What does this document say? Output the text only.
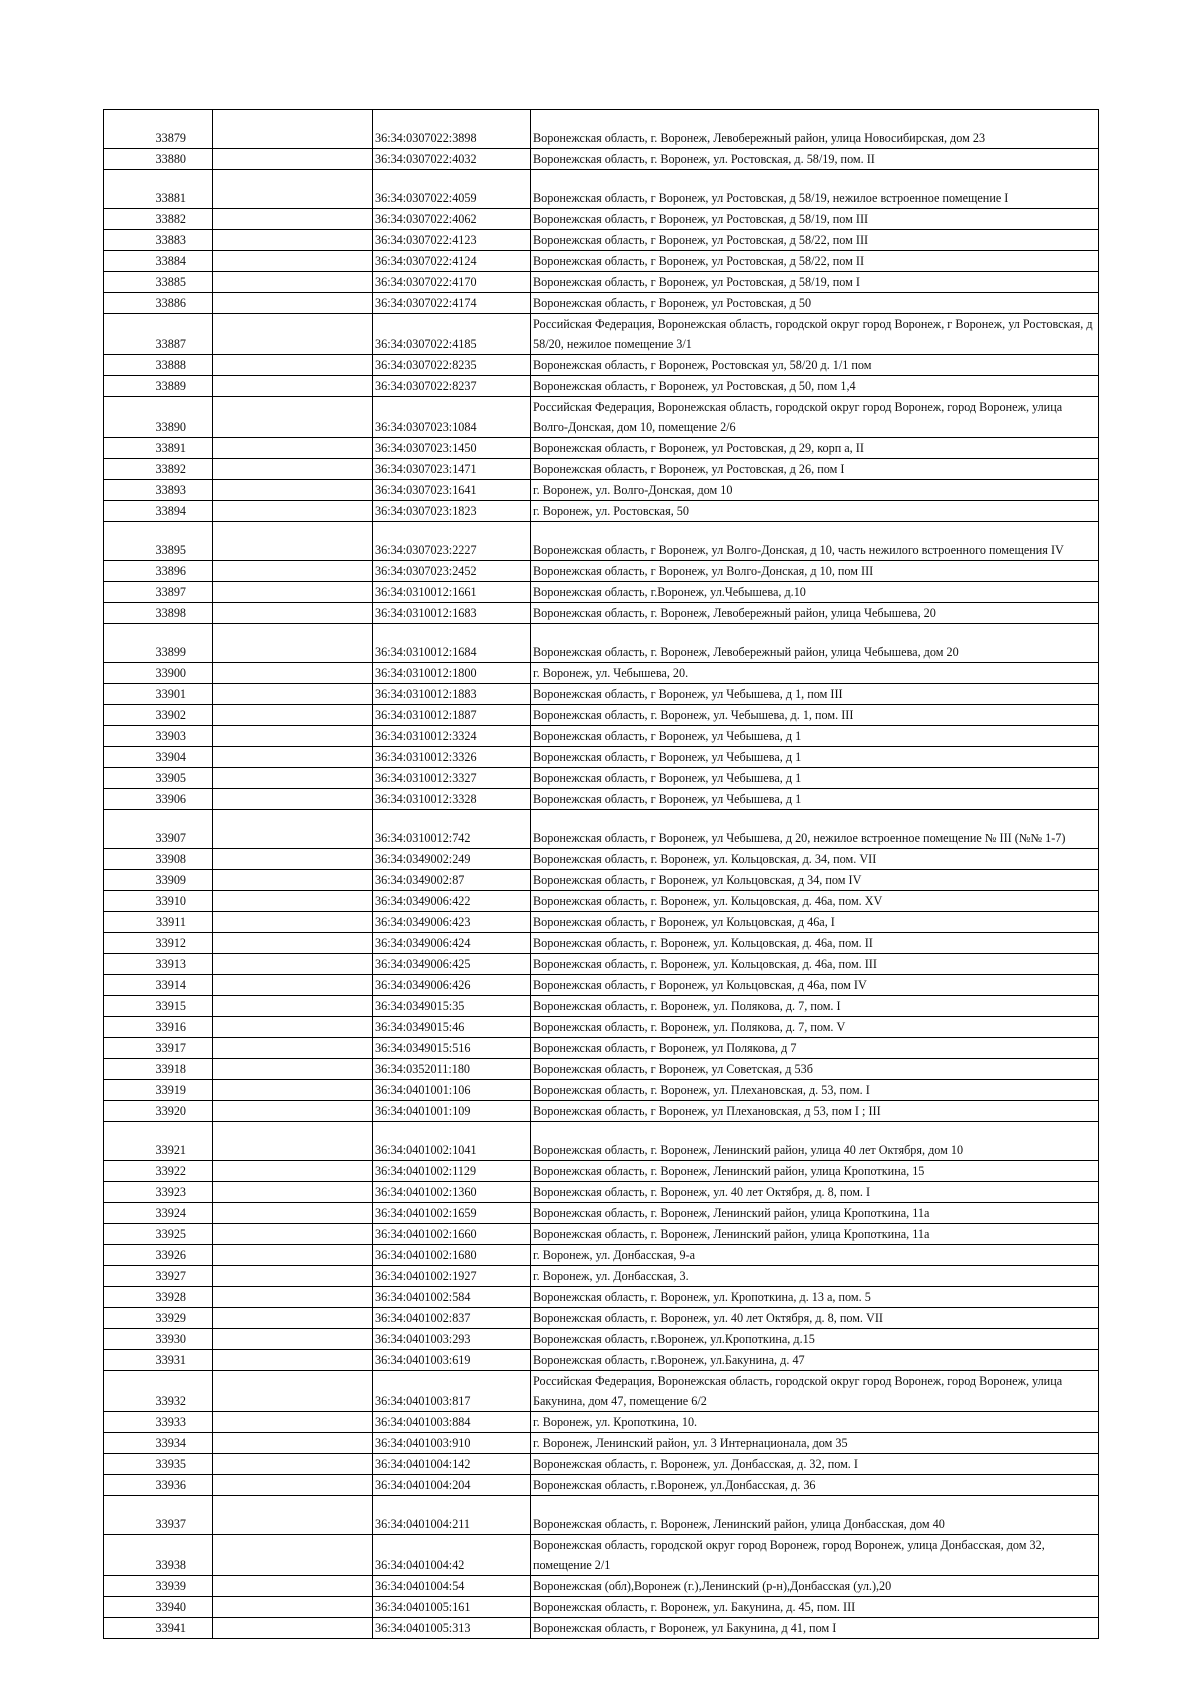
33879		36:34:0307022:3898	Воронежская область, г. Воронеж, Левобережный район, улица Новосибирская, дом 23
33880		36:34:0307022:4032	Воронежская область, г. Воронеж, ул. Ростовская, д. 58/19, пом. II
33881		36:34:0307022:4059	Воронежская область, г Воронеж, ул Ростовская, д 58/19, нежилое встроенное помещение I
33882		36:34:0307022:4062	Воронежская область, г Воронеж, ул Ростовская, д 58/19, пом III
33883		36:34:0307022:4123	Воронежская область, г Воронеж, ул Ростовская, д 58/22, пом III
33884		36:34:0307022:4124	Воронежская область, г Воронеж, ул Ростовская, д 58/22, пом II
33885		36:34:0307022:4170	Воронежская область, г Воронеж, ул Ростовская, д 58/19, пом I
33886		36:34:0307022:4174	Воронежская область, г Воронеж, ул Ростовская, д 50
33887		36:34:0307022:4185	Российская Федерация, Воронежская область, городской округ город Воронеж, г Воронеж, ул Ростовская, д 58/20, нежилое помещение 3/1
33888		36:34:0307022:8235	Воронежская область, г Воронеж, Ростовская ул, 58/20 д. 1/1 пом
33889		36:34:0307022:8237	Воронежская область, г Воронеж, ул Ростовская, д 50, пом 1,4
33890		36:34:0307023:1084	Российская Федерация, Воронежская область, городской округ город Воронеж, город Воронеж, улица Волго-Донская, дом 10, помещение 2/6
33891		36:34:0307023:1450	Воронежская область, г Воронеж, ул Ростовская, д 29, корп а, II
33892		36:34:0307023:1471	Воронежская область, г Воронеж, ул Ростовская, д 26, пом I
33893		36:34:0307023:1641	г. Воронеж, ул. Волго-Донская, дом 10
33894		36:34:0307023:1823	г. Воронеж, ул. Ростовская, 50
33895		36:34:0307023:2227	Воронежская область, г Воронеж, ул Волго-Донская, д 10, часть нежилого встроенного помещения IV
33896		36:34:0307023:2452	Воронежская область, г Воронеж, ул Волго-Донская, д 10, пом III
33897		36:34:0310012:1661	Воронежская область, г.Воронеж, ул.Чебышева, д.10
33898		36:34:0310012:1683	Воронежская область, г. Воронеж, Левобережный район, улица Чебышева, 20
33899		36:34:0310012:1684	Воронежская область, г. Воронеж, Левобережный район, улица Чебышева, дом 20
33900		36:34:0310012:1800	г. Воронеж, ул. Чебышева, 20.
33901		36:34:0310012:1883	Воронежская область, г Воронеж, ул Чебышева, д 1, пом III
33902		36:34:0310012:1887	Воронежская область, г. Воронеж, ул. Чебышева, д. 1, пом. III
33903		36:34:0310012:3324	Воронежская область, г Воронеж, ул Чебышева, д 1
33904		36:34:0310012:3326	Воронежская область, г Воронеж, ул Чебышева, д 1
33905		36:34:0310012:3327	Воронежская область, г Воронеж, ул Чебышева, д 1
33906		36:34:0310012:3328	Воронежская область, г Воронеж, ул Чебышева, д 1
33907		36:34:0310012:742	Воронежская область, г Воронеж, ул Чебышева, д 20, нежилое встроенное помещение № III (№№ 1-7)
33908		36:34:0349002:249	Воронежская область, г. Воронеж, ул. Кольцовская, д. 34, пом. VII
33909		36:34:0349002:87	Воронежская область, г Воронеж, ул Кольцовская, д 34, пом IV
33910		36:34:0349006:422	Воронежская область, г. Воронеж, ул. Кольцовская, д. 46а, пом. XV
33911		36:34:0349006:423	Воронежская область, г Воронеж, ул Кольцовская, д 46а, I
33912		36:34:0349006:424	Воронежская область, г. Воронеж, ул. Кольцовская, д. 46а, пом. II
33913		36:34:0349006:425	Воронежская область, г. Воронеж, ул. Кольцовская, д. 46а, пом. III
33914		36:34:0349006:426	Воронежская область, г Воронеж, ул Кольцовская, д 46а, пом IV
33915		36:34:0349015:35	Воронежская область, г. Воронеж, ул. Полякова, д. 7, пом. I
33916		36:34:0349015:46	Воронежская область, г. Воронеж, ул. Полякова, д. 7, пом. V
33917		36:34:0349015:516	Воронежская область, г Воронеж, ул Полякова, д 7
33918		36:34:0352011:180	Воронежская область, г Воронеж, ул Советская, д 53б
33919		36:34:0401001:106	Воронежская область, г. Воронеж, ул. Плехановская, д. 53, пом. I
33920		36:34:0401001:109	Воронежская область, г Воронеж, ул Плехановская, д 53, пом I ; III
33921		36:34:0401002:1041	Воронежская область, г. Воронеж, Ленинский район, улица 40 лет Октября, дом 10
33922		36:34:0401002:1129	Воронежская область, г. Воронеж, Ленинский район, улица Кропоткина, 15
33923		36:34:0401002:1360	Воронежская область, г. Воронеж, ул. 40 лет Октября, д. 8, пом. I
33924		36:34:0401002:1659	Воронежская область, г. Воронеж, Ленинский район, улица Кропоткина, 11а
33925		36:34:0401002:1660	Воронежская область, г. Воронеж, Ленинский район, улица Кропоткина, 11а
33926		36:34:0401002:1680	г. Воронеж, ул. Донбасская, 9-а
33927		36:34:0401002:1927	г. Воронеж, ул. Донбасская, 3.
33928		36:34:0401002:584	Воронежская область, г. Воронеж, ул. Кропоткина, д. 13 а, пом. 5
33929		36:34:0401002:837	Воронежская область, г. Воронеж, ул. 40 лет Октября, д. 8, пом. VII
33930		36:34:0401003:293	Воронежская область, г.Воронеж, ул.Кропоткина, д.15
33931		36:34:0401003:619	Воронежская область, г.Воронеж, ул.Бакунина, д. 47
33932		36:34:0401003:817	Российская Федерация, Воронежская область, городской округ город Воронеж, город Воронеж, улица Бакунина, дом 47, помещение 6/2
33933		36:34:0401003:884	г. Воронеж, ул. Кропоткина, 10.
33934		36:34:0401003:910	г. Воронеж, Ленинский район, ул. 3 Интернационала, дом 35
33935		36:34:0401004:142	Воронежская область, г. Воронеж, ул. Донбасская, д. 32, пом. I
33936		36:34:0401004:204	Воронежская область, г.Воронеж, ул.Донбасская, д. 36
33937		36:34:0401004:211	Воронежская область, г. Воронеж, Ленинский район, улица Донбасская, дом 40
33938		36:34:0401004:42	Воронежская область, городской округ город Воронеж, город Воронеж, улица Донбасская, дом 32, помещение 2/1
33939		36:34:0401004:54	Воронежская (обл),Воронеж (г.),Ленинский (р-н),Донбасская (ул.),20
33940		36:34:0401005:161	Воронежская область, г. Воронеж, ул. Бакунина, д. 45, пом. III
33941		36:34:0401005:313	Воронежская область, г Воронеж, ул Бакунина, д 41, пом I
